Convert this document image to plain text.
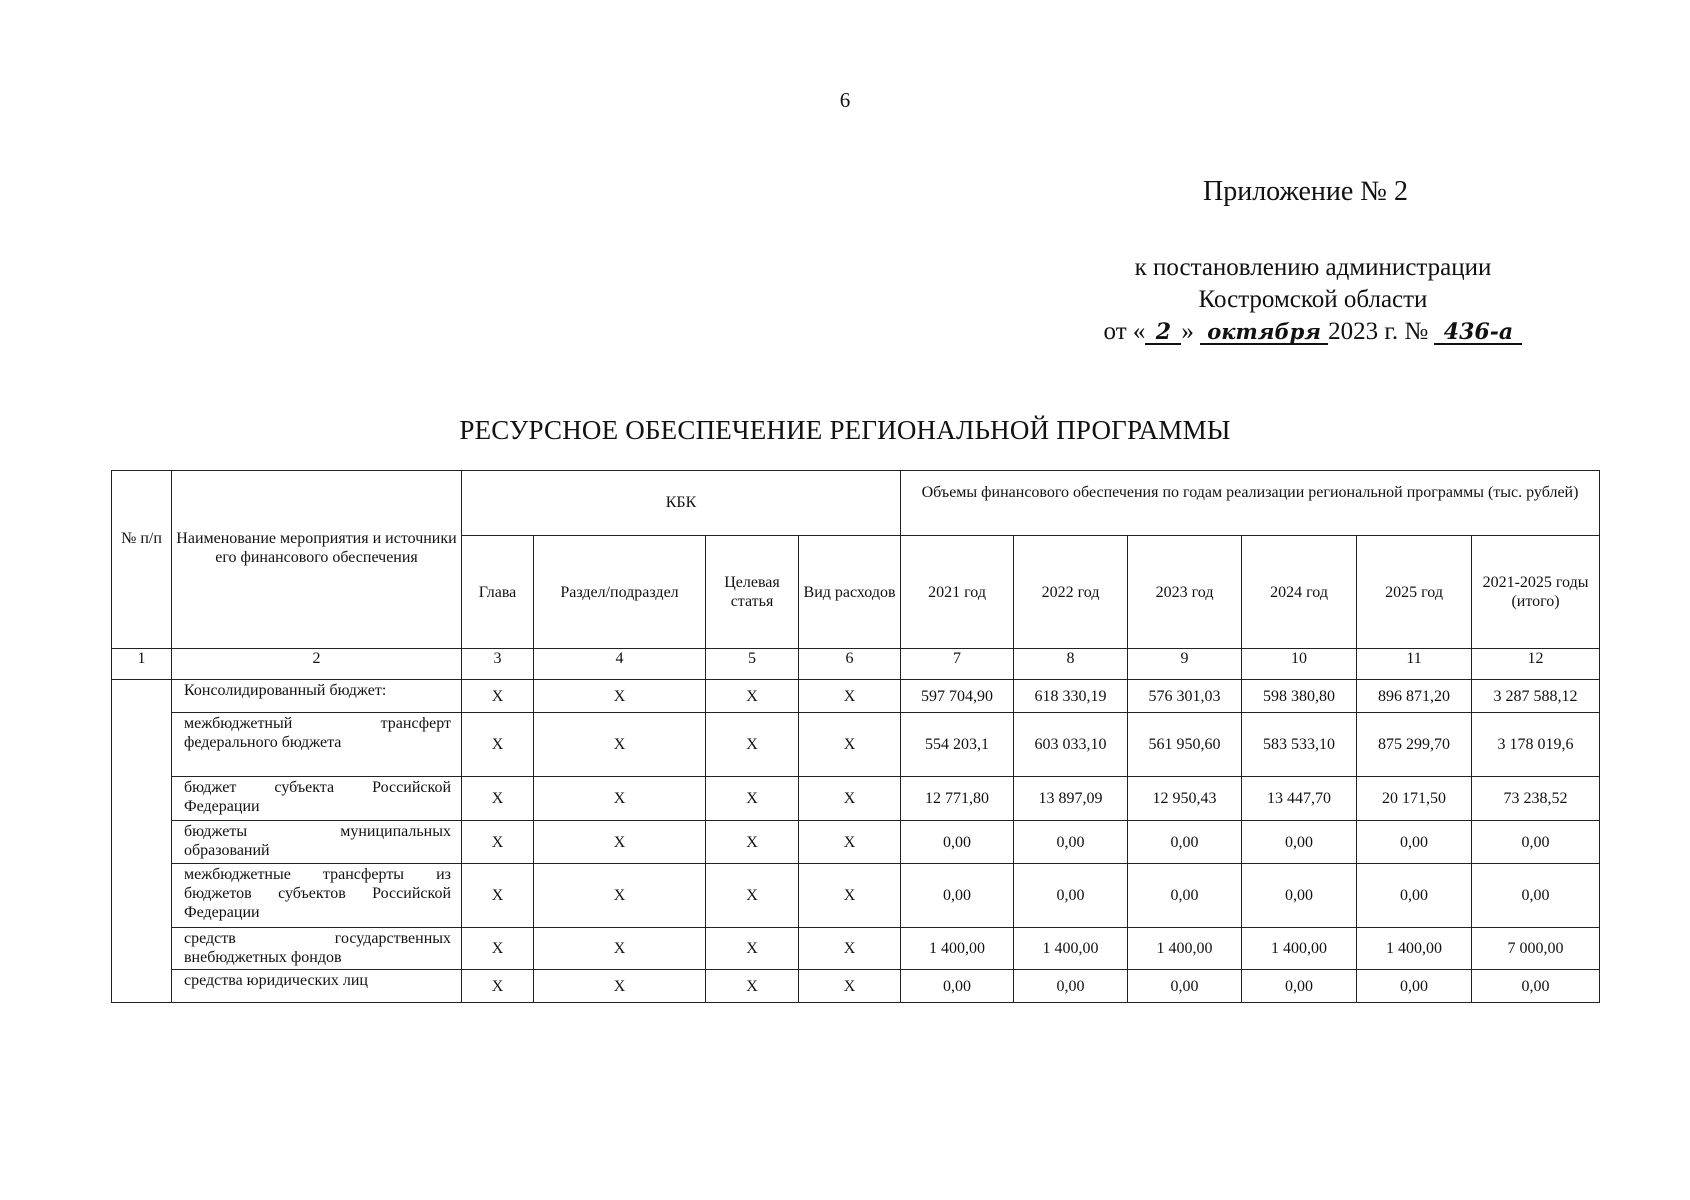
6
Приложение № 2
к постановлению администрации
Костромской области
от « 2 » октября 2023 г. № 436-а
РЕСУРСНОЕ ОБЕСПЕЧЕНИЕ РЕГИОНАЛЬНОЙ ПРОГРАММЫ
№ п/п	Наименование мероприятия и источники его финансового обеспечения	КБК				Объемы финансового обеспечения по годам реализации региональной программы (тыс. рублей)					
		Глава	Раздел/подраздел	Целевая статья	Вид расходов	2021 год	2022 год	2023 год	2024 год	2025 год	2021-2025 годы (итого)
1	2	3	4	5	6	7	8	9	10	11	12
	Консолидированный бюджет:	Х	Х	Х	Х	597 704,90	618 330,19	576 301,03	598 380,80	896 871,20	3 287 588,12
	межбюджетный трансферт федерального бюджета	Х	Х	Х	Х	554 203,1	603 033,10	561 950,60	583 533,10	875 299,70	3 178 019,6
	бюджет субъекта Российской Федерации	Х	Х	Х	Х	12 771,80	13 897,09	12 950,43	13 447,70	20 171,50	73 238,52
	бюджеты муниципальных образований	Х	Х	Х	Х	0,00	0,00	0,00	0,00	0,00	0,00
	межбюджетные трансферты из бюджетов субъектов Российской Федерации	Х	Х	Х	Х	0,00	0,00	0,00	0,00	0,00	0,00
	средств государственных внебюджетных фондов	Х	Х	Х	Х	1 400,00	1 400,00	1 400,00	1 400,00	1 400,00	7 000,00
	средства юридических лиц	Х	Х	Х	Х	0,00	0,00	0,00	0,00	0,00	0,00
